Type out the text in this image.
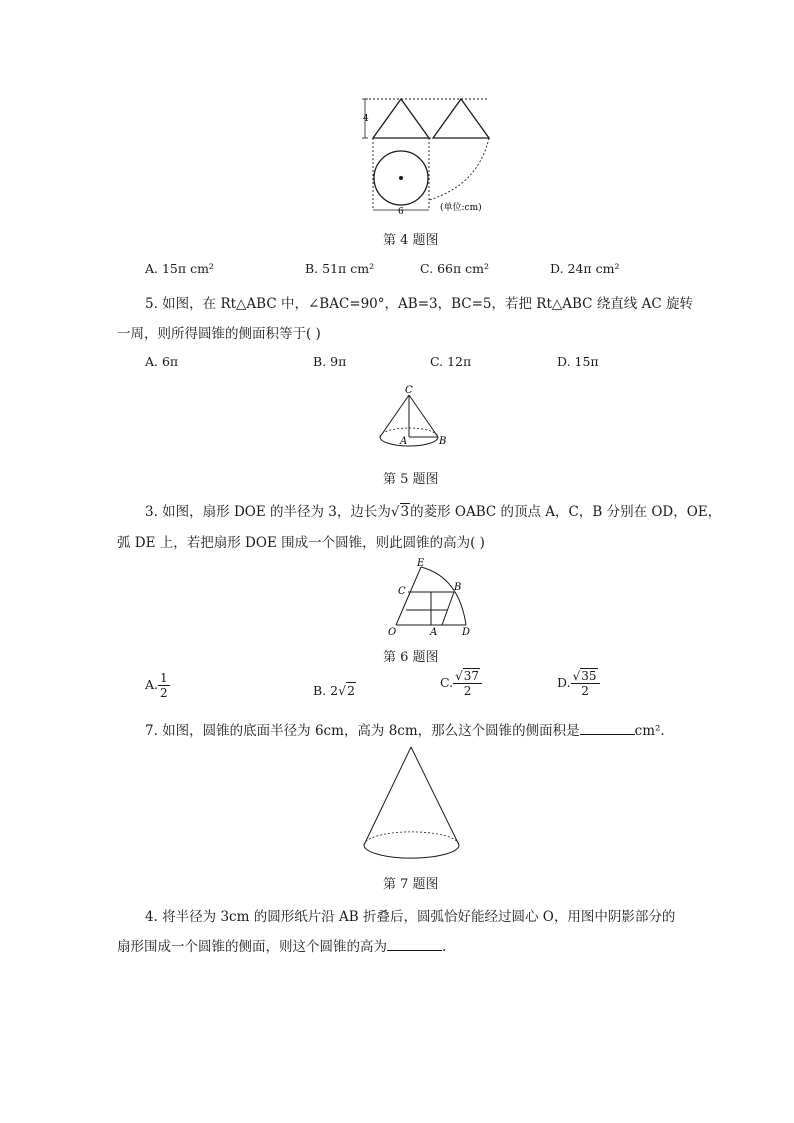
4
6	(单位:cm)
第 4 题图
A. 15π cm²	B. 51π cm²	C. 66π cm²	D. 24π cm²
5. 如图，在 Rt△ABC 中，∠BAC=90°，AB=3，BC=5，若把 Rt△ABC 绕直线 AC 旋转
一周，则所得圆锥的侧面积等于( )
A. 6π	B. 9π	C. 12π	D. 15π
C
A	B
第 5 题图
3. 如图，扇形 DOE 的半径为 3，边长为√3的菱形 OABC 的顶点 A，C，B 分别在 OD，OE，
弧 DE 上，若把扇形 DOE 围成一个圆锥，则此圆锥的高为( )
E
C	B
O	A D
第 6 题图
A. $\frac{1}{2}$	B. 2√2
C. $\frac{√37}{2}$	D. $\frac{√35}{2}$
7. 如图，圆锥的底面半径为 6cm，高为 8cm，那么这个圆锥的侧面积是	cm².
第 7 题图
4. 将半径为 3cm 的圆形纸片沿 AB 折叠后，圆弧恰好能经过圆心 O，用图中阴影部分的
扇形围成一个圆锥的侧面，则这个圆锥的高为	.
